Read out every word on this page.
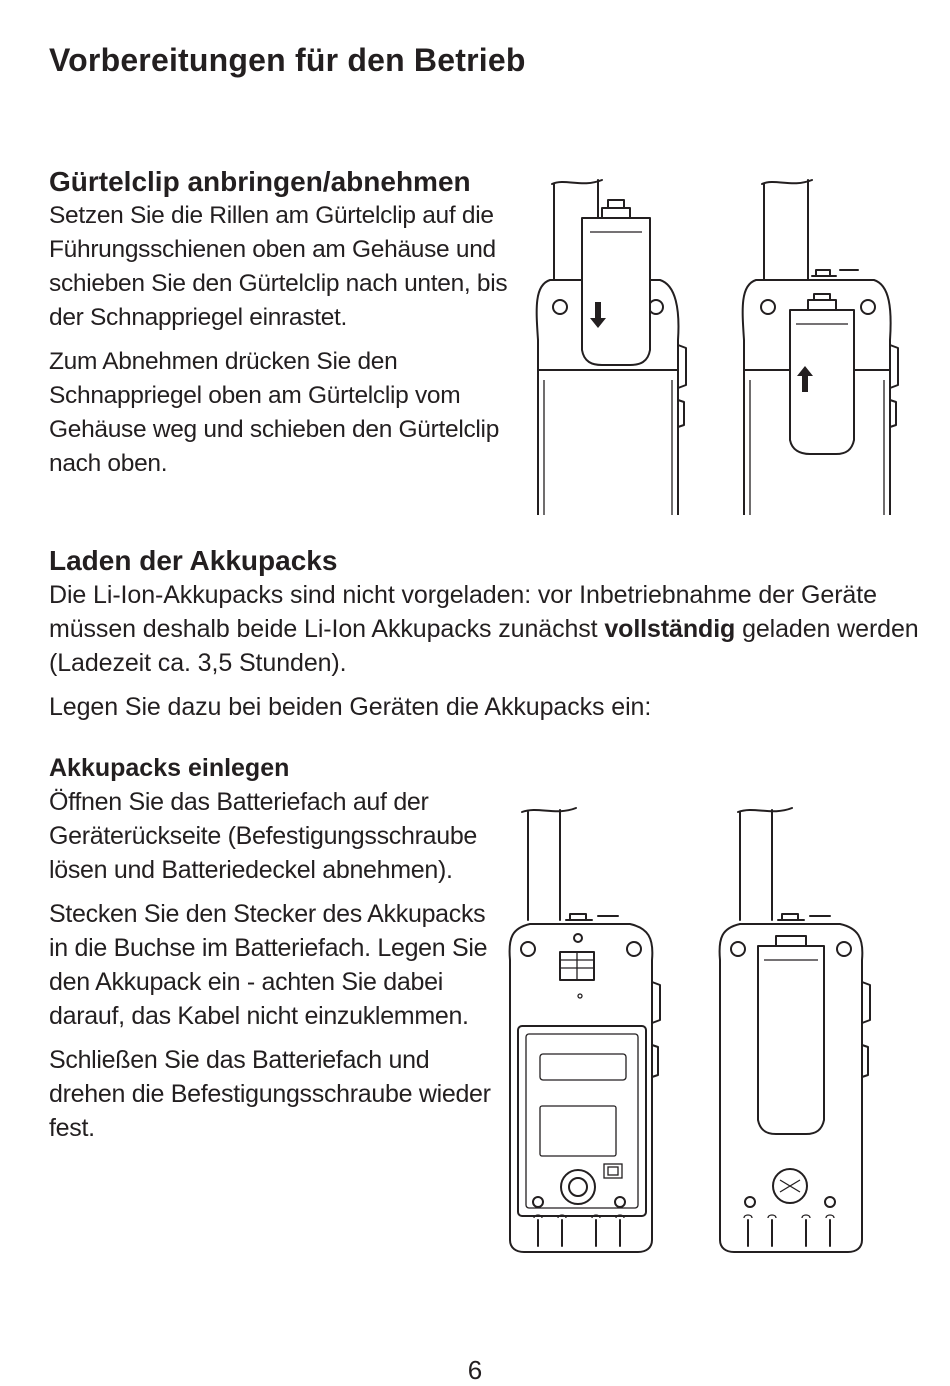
Vorbereitungen für den Betrieb
Gürtelclip anbringen/abnehmen

Setzen Sie die Rillen am Gürtelclip auf die Führungsschienen oben am Gehäuse und schieben Sie den Gürtelclip nach unten, bis der Schnappriegel einrastet.

Zum Abnehmen drücken Sie den Schnappriegel oben am Gürtelclip vom Gehäuse weg und schieben den Gürtelclip nach oben.

Laden der Akkupacks

Die Li-Ion-Akkupacks sind nicht vorgeladen: vor Inbetriebnahme der Geräte müssen deshalb beide Li-Ion Akkupacks zunächst vollständig geladen werden (Ladezeit ca. 3,5 Stunden).

Legen Sie dazu bei beiden Geräten die Akkupacks ein:

Akkupacks einlegen

Öffnen Sie das Batteriefach auf der Geräterückseite (Befestigungsschraube lösen und Batteriedeckel abnehmen).

Stecken Sie den Stecker des Akkupacks in die Buchse im Batteriefach. Legen Sie den Akkupack ein - achten Sie dabei darauf, das Kabel nicht einzuklemmen.

Schließen Sie das Batteriefach und drehen die Befestigungsschraube wieder fest.

6
